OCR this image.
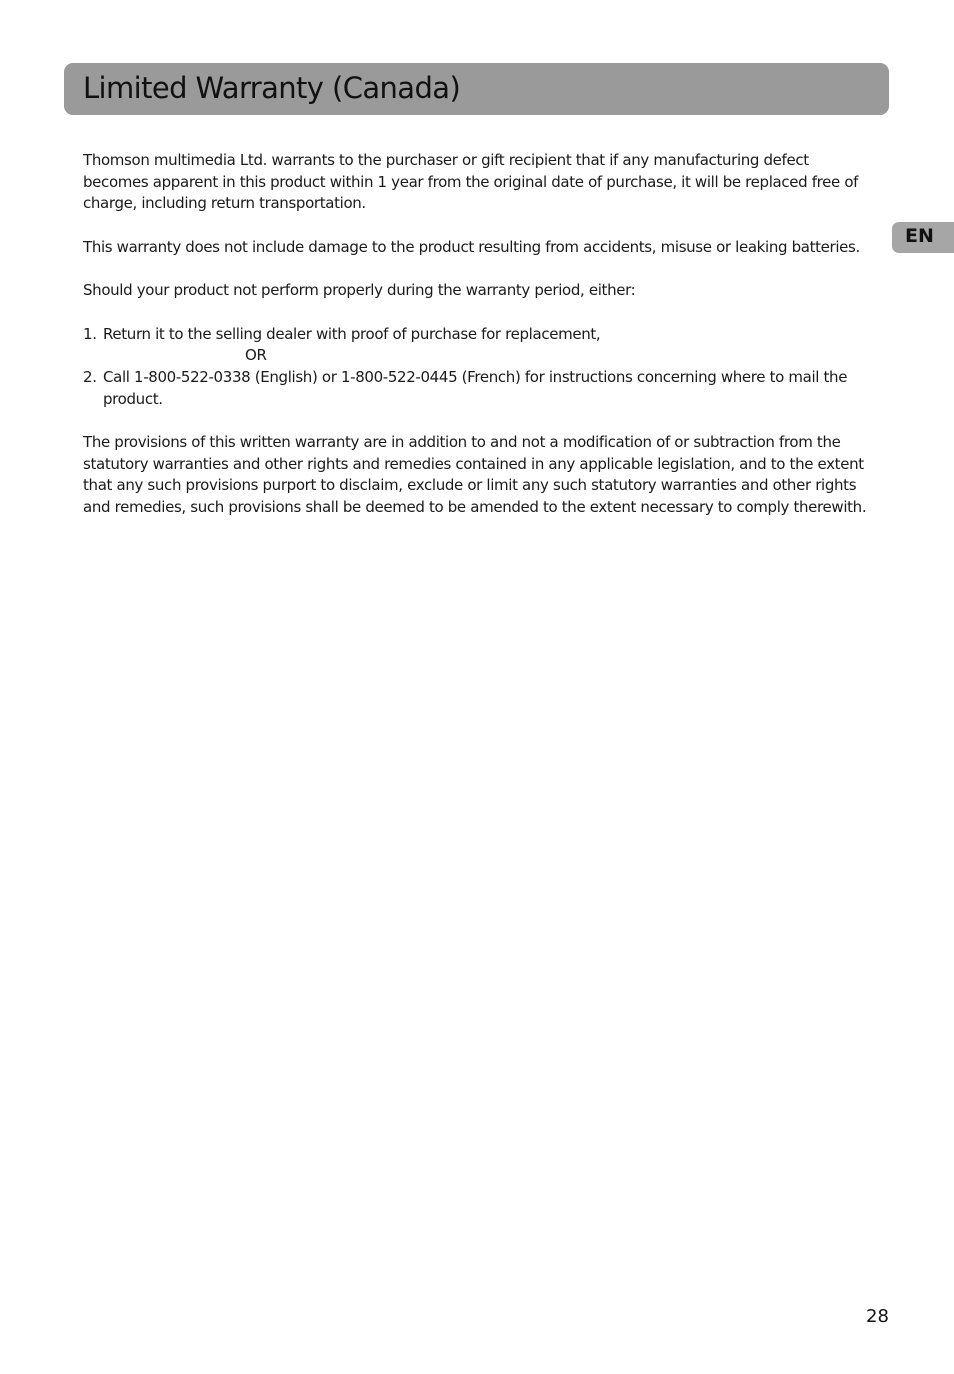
Limited Warranty (Canada)
EN

Thomson multimedia Ltd. warrants to the purchaser or gift recipient that if any manufacturing defect becomes apparent in this product within 1 year from the original date of purchase, it will be replaced free of charge, including return transportation.

This warranty does not include damage to the product resulting from accidents, misuse or leaking batteries.

Should your product not perform properly during the warranty period, either:

1. Return it to the selling dealer with proof of purchase for replacement,
OR
2. Call 1-800-522-0338 (English) or 1-800-522-0445 (French) for instructions concerning where to mail the product.

The provisions of this written warranty are in addition to and not a modification of or subtraction from the statutory warranties and other rights and remedies contained in any applicable legislation, and to the extent that any such provisions purport to disclaim, exclude or limit any such statutory warranties and other rights and remedies, such provisions shall be deemed to be amended to the extent necessary to comply therewith.

28
